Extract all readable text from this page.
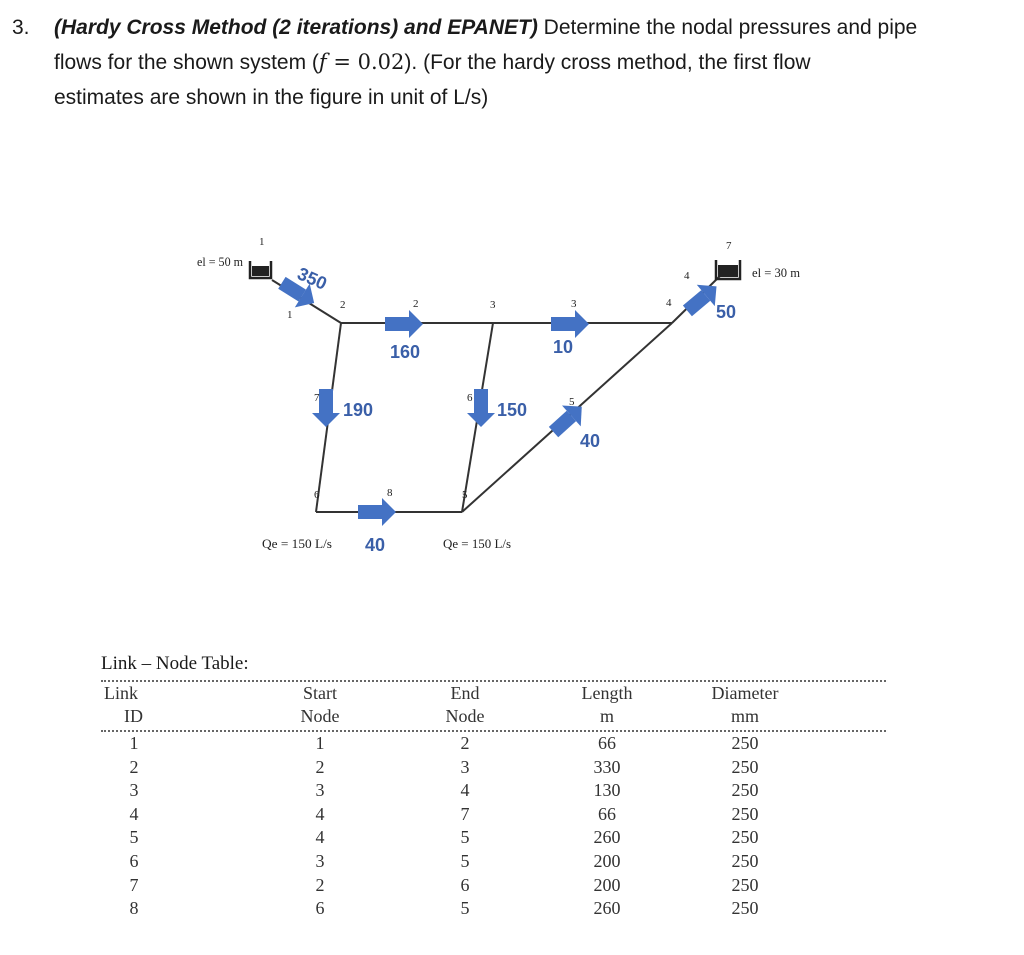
3. (Hardy Cross Method (2 iterations) and EPANET) Determine the nodal pressures and pipe
flows for the shown system (f = 0.02). (For the hardy cross method, the first flow
estimates are shown in the figure in unit of L/s)
350
160	10
50
40
150
190
40
1
1
2	2	3	3	4
4
7
5
6
7
6	8	5
el = 50 m
el = 30 m
Qe = 150 L/s	Qe = 150 L/s
Link – Node Table:
Link
ID
Start
Node
End
Node
Length
m
Diameter
mm
1	1	2	66	250
2	2	3	330	250
3	3	4	130	250
4	4	7	66	250
5	4	5	260	250
6	3	5	200	250
7	2	6	200	250
8	6	5	260	250
